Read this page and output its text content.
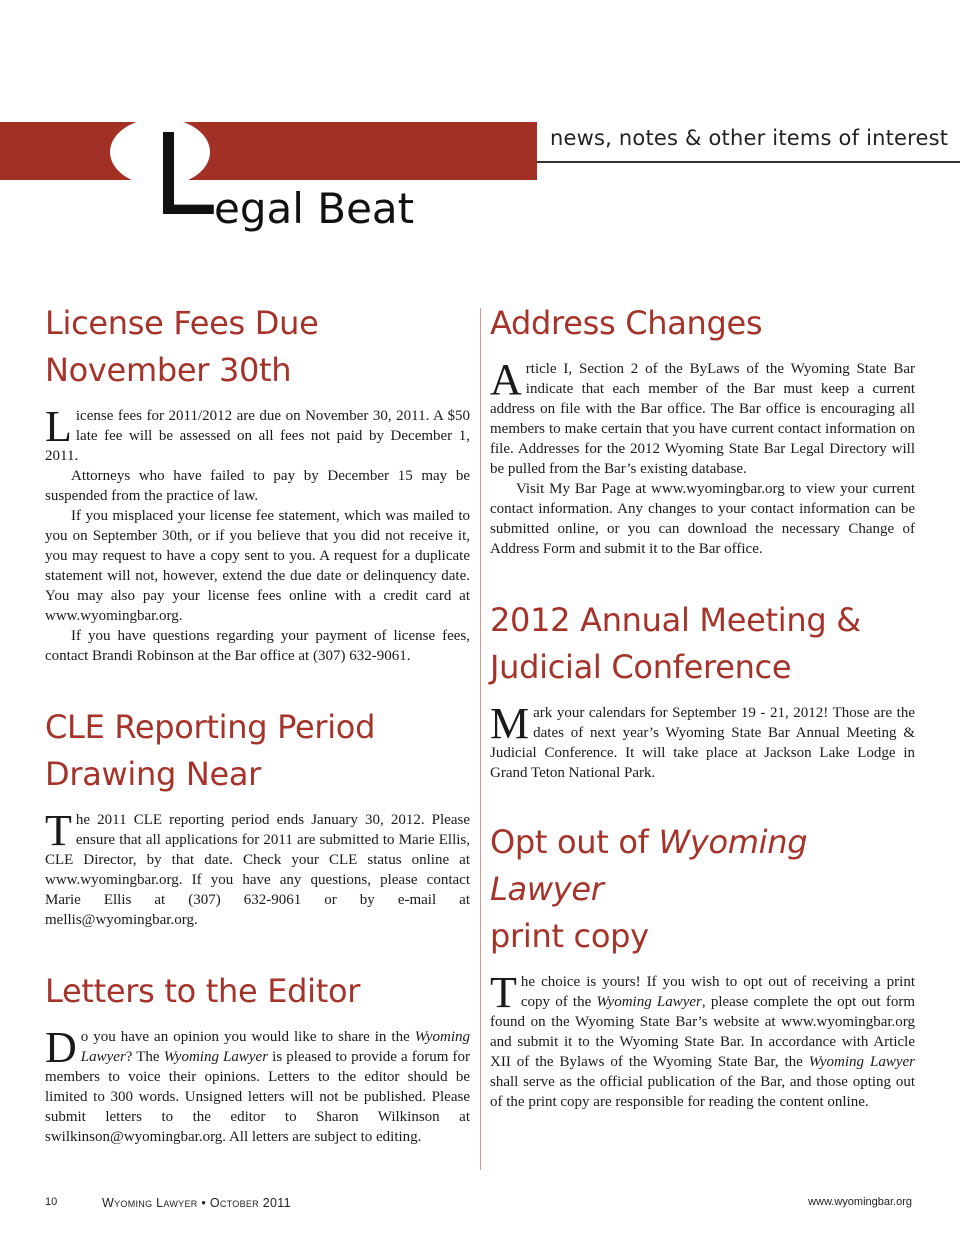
news, notes & other items of interest
L egal Beat
License Fees Due
November 30th

License fees for 2011/2012 are due on November 30, 2011. A $50 late fee will be assessed on all fees not paid by December 1, 2011.

Attorneys who have failed to pay by December 15 may be suspended from the practice of law.

If you misplaced your license fee statement, which was mailed to you on September 30th, or if you believe that you did not receive it, you may request to have a copy sent to you. A request for a duplicate statement will not, however, extend the due date or delinquency date. You may also pay your license fees online with a credit card at www.wyomingbar.org.

If you have questions regarding your payment of license fees, contact Brandi Robinson at the Bar office at (307) 632-9061.

CLE Reporting Period
Drawing Near

The 2011 CLE reporting period ends January 30, 2012. Please ensure that all applications for 2011 are submitted to Marie Ellis, CLE Director, by that date. Check your CLE status online at www.wyomingbar.org. If you have any questions, please contact Marie Ellis at (307) 632-9061 or by e-mail at mellis@wyomingbar.org.

Letters to the Editor

Do you have an opinion you would like to share in the Wyoming Lawyer? The Wyoming Lawyer is pleased to provide a forum for members to voice their opinions. Letters to the editor should be limited to 300 words. Unsigned letters will not be published. Please submit letters to the editor to Sharon Wilkinson at swilkinson@wyomingbar.org. All letters are subject to editing.

Address Changes

Article I, Section 2 of the ByLaws of the Wyoming State Bar indicate that each member of the Bar must keep a current address on file with the Bar office. The Bar office is encouraging all members to make certain that you have current contact information on file. Addresses for the 2012 Wyoming State Bar Legal Directory will be pulled from the Bar’s existing database.

Visit My Bar Page at www.wyomingbar.org to view your current contact information. Any changes to your contact information can be submitted online, or you can download the necessary Change of Address Form and submit it to the Bar office.

2012 Annual Meeting &
Judicial Conference

Mark your calendars for September 19 - 21, 2012! Those are the dates of next year’s Wyoming State Bar Annual Meeting & Judicial Conference. It will take place at Jackson Lake Lodge in Grand Teton National Park.

Opt out of Wyoming Lawyer
print copy

The choice is yours! If you wish to opt out of receiving a print copy of the Wyoming Lawyer, please complete the opt out form found on the Wyoming State Bar’s website at www.wyomingbar.org and submit it to the Wyoming State Bar. In accordance with Article XII of the Bylaws of the Wyoming State Bar, the Wyoming Lawyer shall serve as the official publication of the Bar, and those opting out of the print copy are responsible for reading the content online.

10	Wyoming Lawyer • October 2011	www.wyomingbar.org
